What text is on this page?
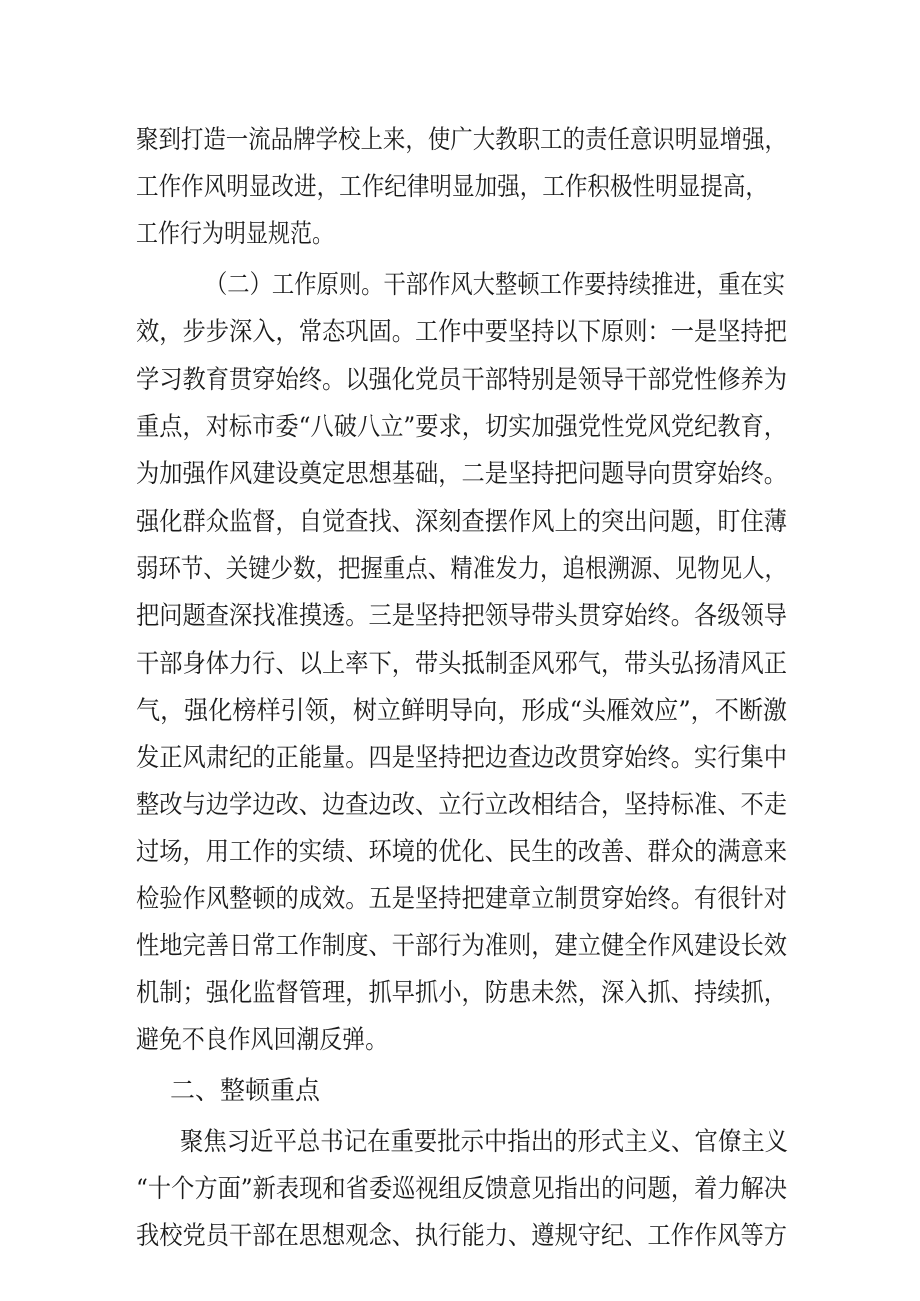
聚到打造一流品牌学校上来，使广大教职工的责任意识明显增强，
工作作风明显改进，工作纪律明显加强，工作积极性明显提高，
工作行为明显规范。
（二）工作原则。干部作风大整顿工作要持续推进，重在实
效，步步深入，常态巩固。工作中要坚持以下原则：一是坚持把
学习教育贯穿始终。以强化党员干部特别是领导干部党性修养为
重点，对标市委“八破八立”要求，切实加强党性党风党纪教育，
为加强作风建设奠定思想基础，二是坚持把问题导向贯穿始终。
强化群众监督，自觉查找、深刻查摆作风上的突出问题，盯住薄
弱环节、关键少数，把握重点、精准发力，追根溯源、见物见人，
把问题查深找准摸透。三是坚持把领导带头贯穿始终。各级领导
干部身体力行、以上率下，带头抵制歪风邪气，带头弘扬清风正
气，强化榜样引领，树立鲜明导向，形成“头雁效应”，不断激
发正风肃纪的正能量。四是坚持把边查边改贯穿始终。实行集中
整改与边学边改、边查边改、立行立改相结合，坚持标准、不走
过场，用工作的实绩、环境的优化、民生的改善、群众的满意来
检验作风整顿的成效。五是坚持把建章立制贯穿始终。有很针对
性地完善日常工作制度、干部行为准则，建立健全作风建设长效
机制；强化监督管理，抓早抓小，防患未然，深入抓、持续抓，
避免不良作风回潮反弹。
二、整顿重点
聚焦习近平总书记在重要批示中指出的形式主义、官僚主义
“十个方面”新表现和省委巡视组反馈意见指出的问题，着力解决
我校党员干部在思想观念、执行能力、遵规守纪、工作作风等方
